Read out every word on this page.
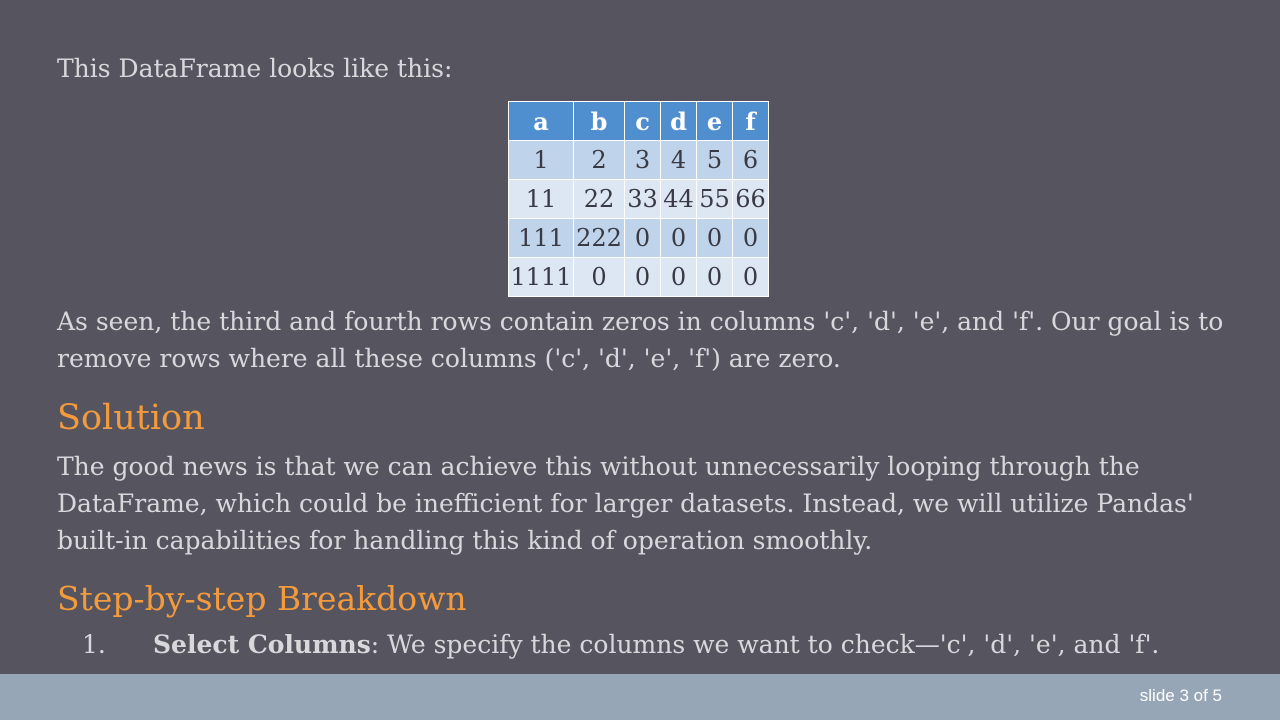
This DataFrame looks like this:

a	b	c	d	e	f
1	2	3	4	5	6
11	22	33	44	55	66
111	222	0	0	0	0
1111	0	0	0	0	0

As seen, the third and fourth rows contain zeros in columns 'c', 'd', 'e', and 'f'. Our goal is to remove rows where all these columns ('c', 'd', 'e', 'f') are zero.

Solution

The good news is that we can achieve this without unnecessarily looping through the DataFrame, which could be inefficient for larger datasets. Instead, we will utilize Pandas' built-in capabilities for handling this kind of operation smoothly.

Step-by-step Breakdown

1. Select Columns: We specify the columns we want to check—'c', 'd', 'e', and 'f'.

slide 3 of 5
